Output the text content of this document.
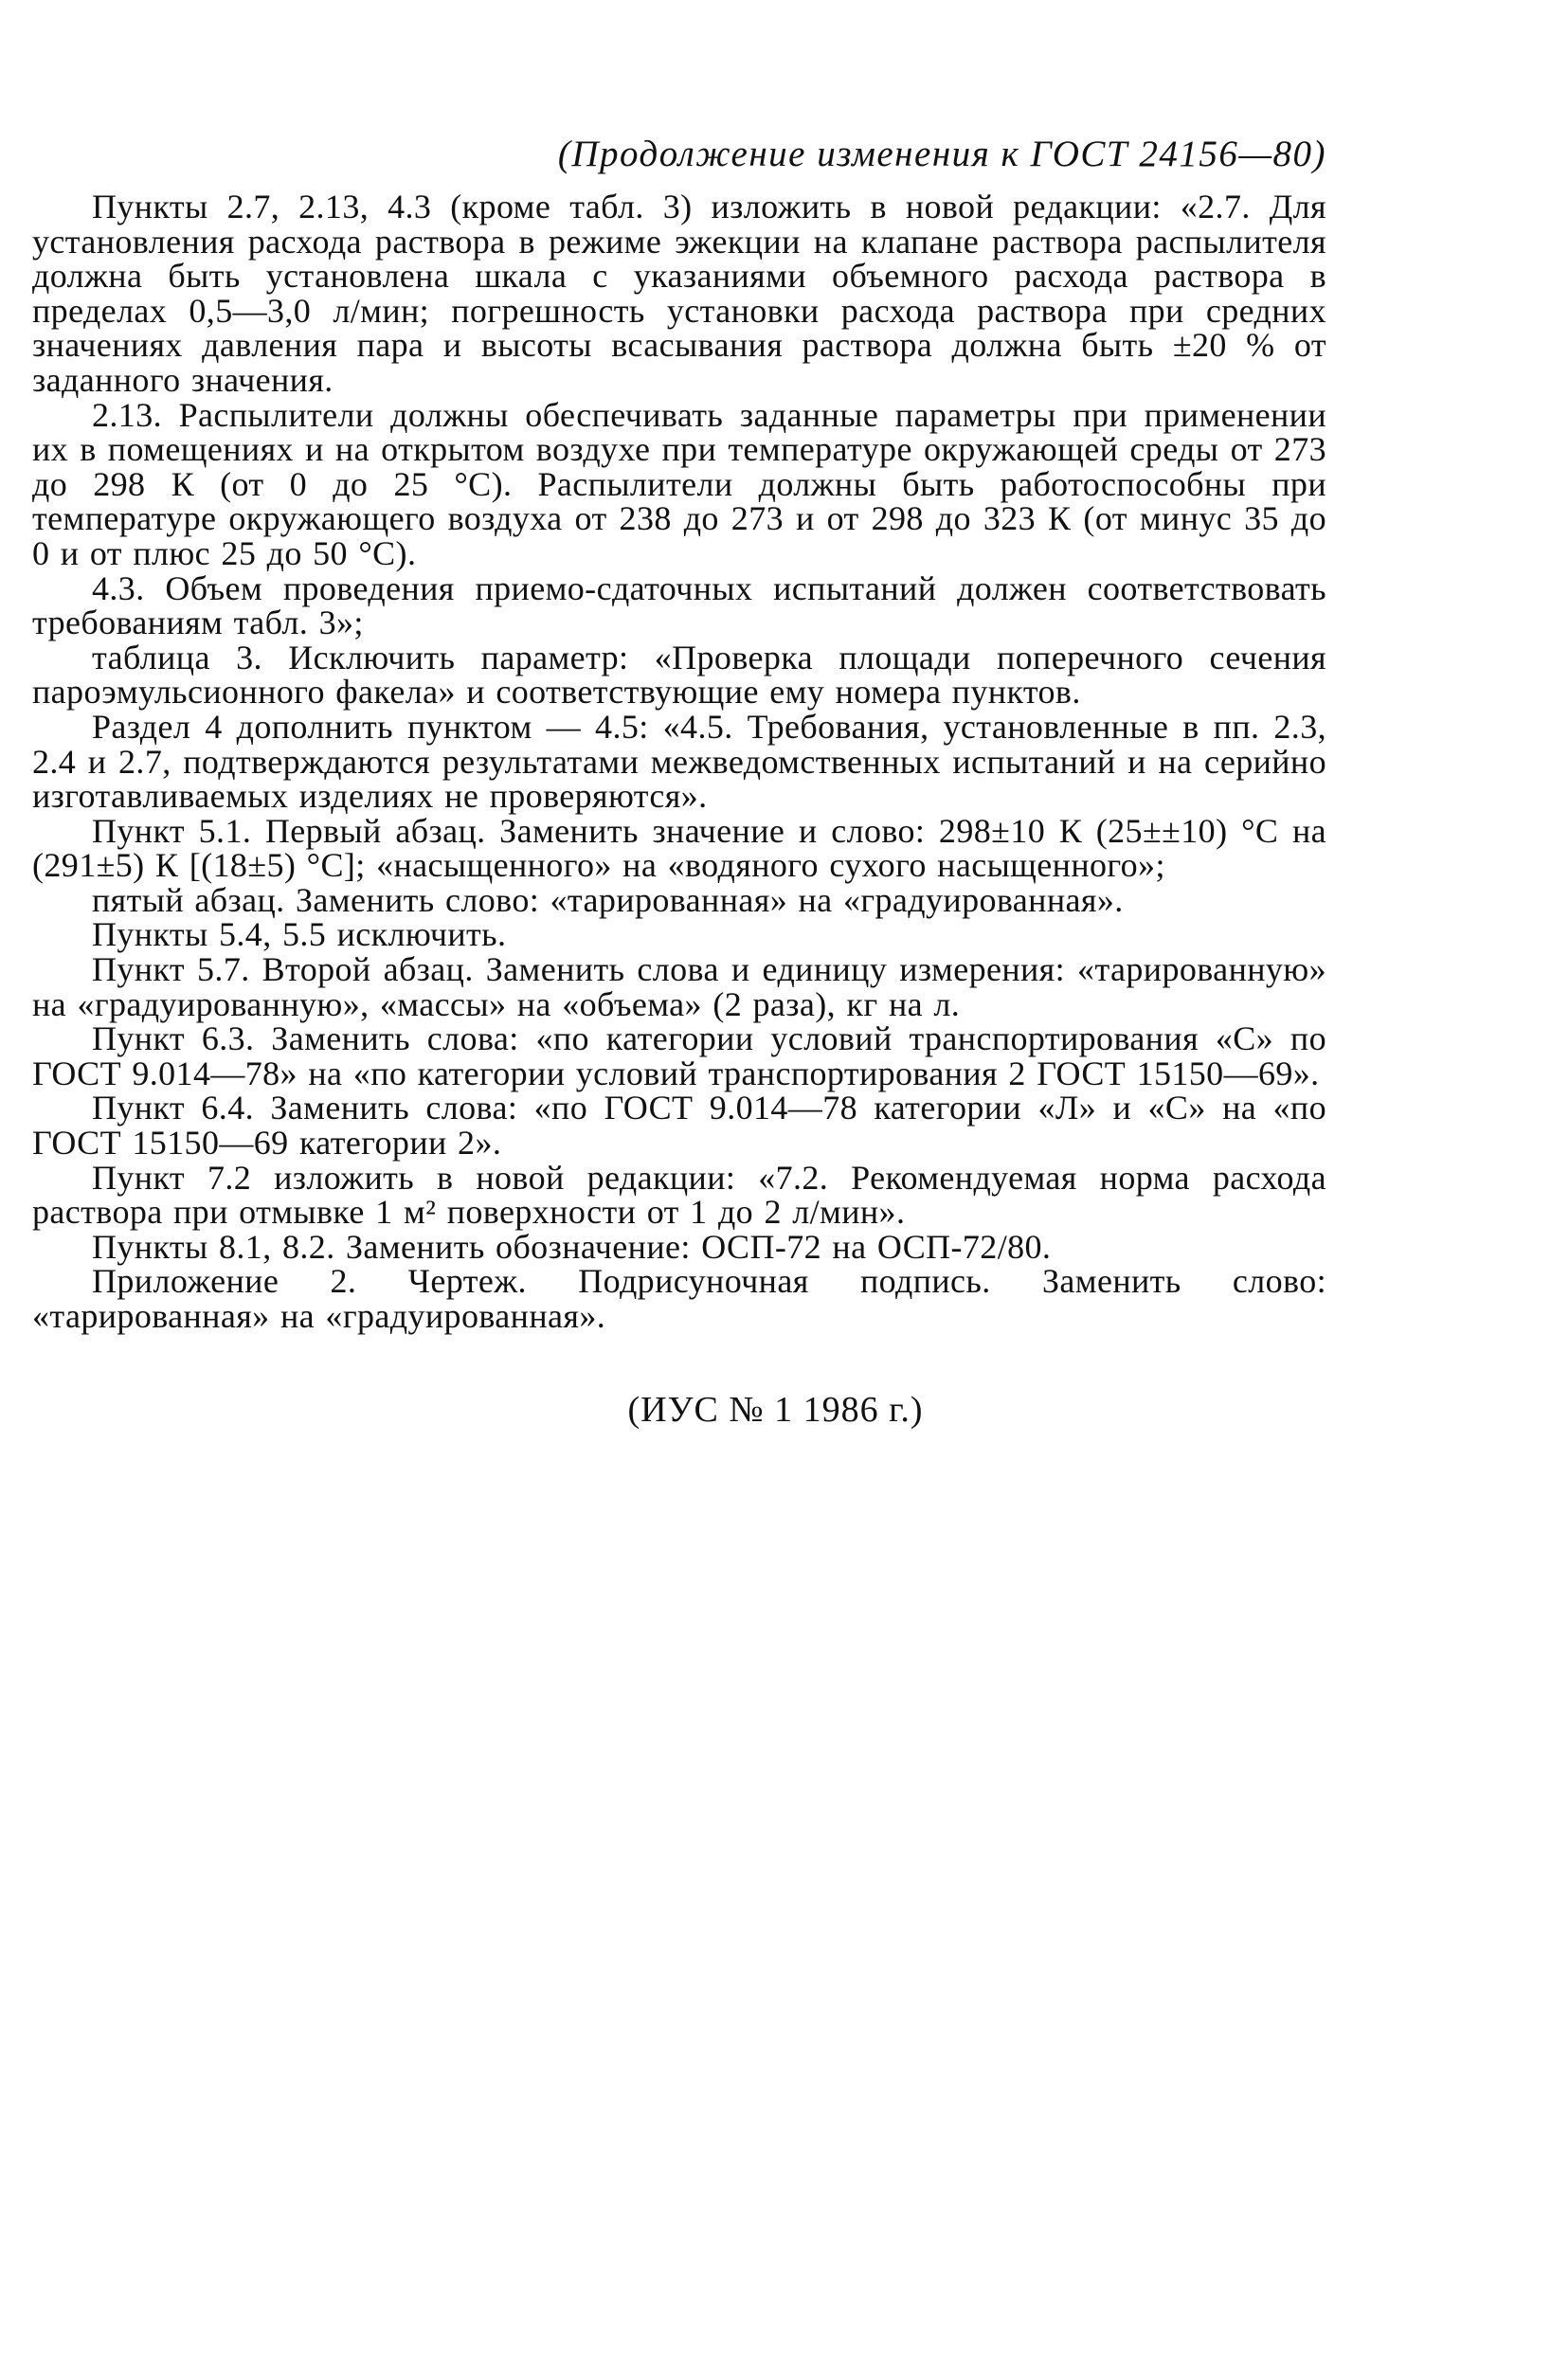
(Продолжение изменения к ГОСТ 24156—80)

Пункты 2.7, 2.13, 4.3 (кроме табл. 3) изложить в новой редакции: «2.7. Для установления расхода раствора в режиме эжекции на клапане раствора распылителя должна быть установлена шкала с указаниями объемного расхода раствора в пределах 0,5—3,0 л/мин; погрешность установки расхода раствора при средних значениях давления пара и высоты всасывания раствора должна быть ±20 % от заданного значения.

2.13. Распылители должны обеспечивать заданные параметры при применении их в помещениях и на открытом воздухе при температуре окружающей среды от 273 до 298 К (от 0 до 25 °С). Распылители должны быть работоспособны при температуре окружающего воздуха от 238 до 273 и от 298 до 323 К (от минус 35 до 0 и от плюс 25 до 50 °С).

4.3. Объем проведения приемо-сдаточных испытаний должен соответствовать требованиям табл. 3»;

таблица 3. Исключить параметр: «Проверка площади поперечного сечения пароэмульсионного факела» и соответствующие ему номера пунктов.

Раздел 4 дополнить пунктом — 4.5: «4.5. Требования, установленные в пп. 2.3, 2.4 и 2.7, подтверждаются результатами межведомственных испытаний и на серийно изготавливаемых изделиях не проверяются».

Пункт 5.1. Первый абзац. Заменить значение и слово: 298±10 К (25±±10) °С на (291±5) К [(18±5) °С]; «насыщенного» на «водяного сухого насыщенного»;

пятый абзац. Заменить слово: «тарированная» на «градуированная».

Пункты 5.4, 5.5 исключить.

Пункт 5.7. Второй абзац. Заменить слова и единицу измерения: «тарированную» на «градуированную», «массы» на «объема» (2 раза), кг на л.

Пункт 6.3. Заменить слова: «по категории условий транспортирования «С» по ГОСТ 9.014—78» на «по категории условий транспортирования 2 ГОСТ 15150—69».

Пункт 6.4. Заменить слова: «по ГОСТ 9.014—78 категории «Л» и «С» на «по ГОСТ 15150—69 категории 2».

Пункт 7.2 изложить в новой редакции: «7.2. Рекомендуемая норма расхода раствора при отмывке 1 м² поверхности от 1 до 2 л/мин».

Пункты 8.1, 8.2. Заменить обозначение: ОСП-72 на ОСП-72/80.

Приложение 2. Чертеж. Подрисуночная подпись. Заменить слово: «тарированная» на «градуированная».

(ИУС № 1 1986 г.)
